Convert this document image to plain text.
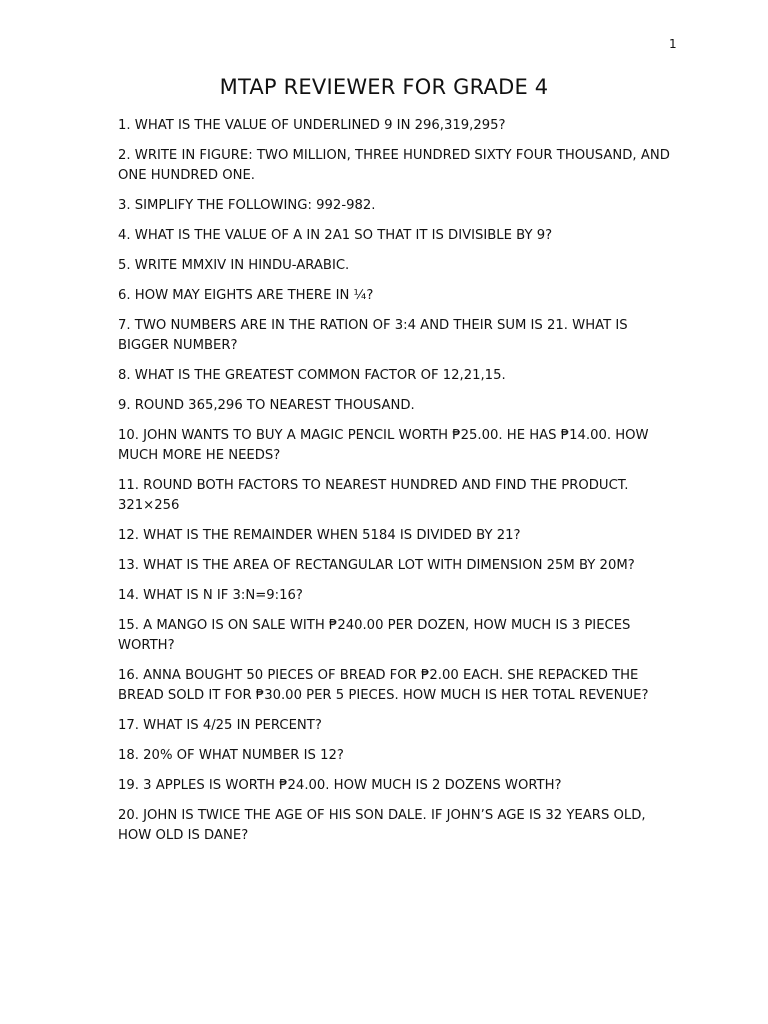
1
MTAP REVIEWER FOR GRADE 4
1. WHAT IS THE VALUE OF UNDERLINED 9 IN 296,319,295?
2. WRITE IN FIGURE: TWO MILLION, THREE HUNDRED SIXTY FOUR THOUSAND, AND ONE HUNDRED ONE.
3. SIMPLIFY THE FOLLOWING: 992-982.
4. WHAT IS THE VALUE OF A IN 2A1 SO THAT IT IS DIVISIBLE BY 9?
5. WRITE MMXIV IN HINDU-ARABIC.
6. HOW MAY EIGHTS ARE THERE IN ¼?
7. TWO NUMBERS ARE IN THE RATION OF 3:4 AND THEIR SUM IS 21. WHAT IS BIGGER NUMBER?
8. WHAT IS THE GREATEST COMMON FACTOR OF 12,21,15.
9. ROUND 365,296 TO NEAREST THOUSAND.
10. JOHN WANTS TO BUY A MAGIC PENCIL WORTH ₱25.00. HE HAS ₱14.00. HOW MUCH MORE HE NEEDS?
11. ROUND BOTH FACTORS TO NEAREST HUNDRED AND FIND THE PRODUCT. 321×256
12. WHAT IS THE REMAINDER WHEN 5184 IS DIVIDED BY 21?
13. WHAT IS THE AREA OF RECTANGULAR LOT WITH DIMENSION 25M BY 20M?
14. WHAT IS N IF 3:N=9:16?
15. A MANGO IS ON SALE WITH ₱240.00 PER DOZEN, HOW MUCH IS 3 PIECES WORTH?
16. ANNA BOUGHT 50 PIECES OF BREAD FOR ₱2.00 EACH. SHE REPACKED THE BREAD SOLD IT FOR ₱30.00 PER 5 PIECES. HOW MUCH IS HER TOTAL REVENUE?
17. WHAT IS 4/25 IN PERCENT?
18. 20% OF WHAT NUMBER IS 12?
19. 3 APPLES IS WORTH ₱24.00. HOW MUCH IS 2 DOZENS WORTH?
20. JOHN IS TWICE THE AGE OF HIS SON DALE. IF JOHN’S AGE IS 32 YEARS OLD, HOW OLD IS DANE?
